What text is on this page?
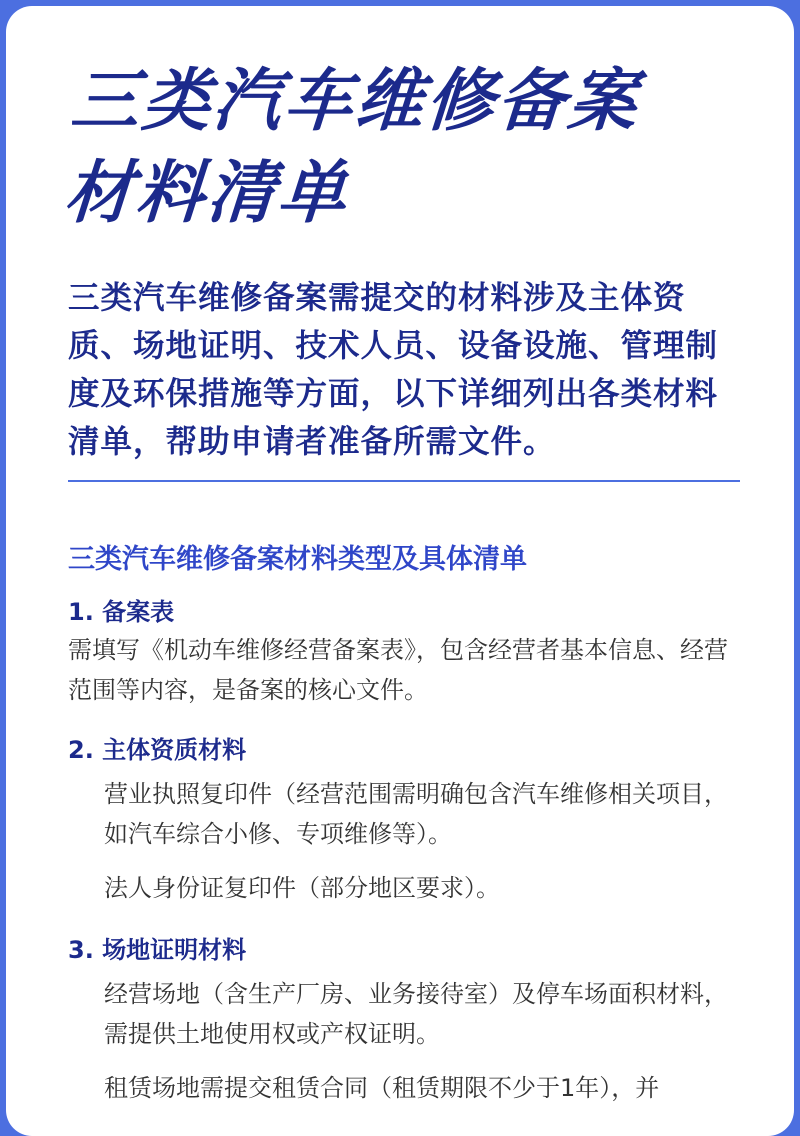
三类汽车维修备案
材料清单

三类汽车维修备案需提交的材料涉及主体资质、场地证明、技术人员、设备设施、管理制度及环保措施等方面，以下详细列出各类材料清单，帮助申请者准备所需文件。

三类汽车维修备案材料类型及具体清单
1. 备案表

需填写《机动车维修经营备案表》，包含经营者基本信息、经营范围等内容，是备案的核心文件。

2. 主体资质材料

营业执照复印件（经营范围需明确包含汽车维修相关项目，如汽车综合小修、专项维修等）。

法人身份证复印件（部分地区要求）。

3. 场地证明材料

经营场地（含生产厂房、业务接待室）及停车场面积材料，需提供土地使用权或产权证明。

租赁场地需提交租赁合同（租赁期限不少于1年），并
